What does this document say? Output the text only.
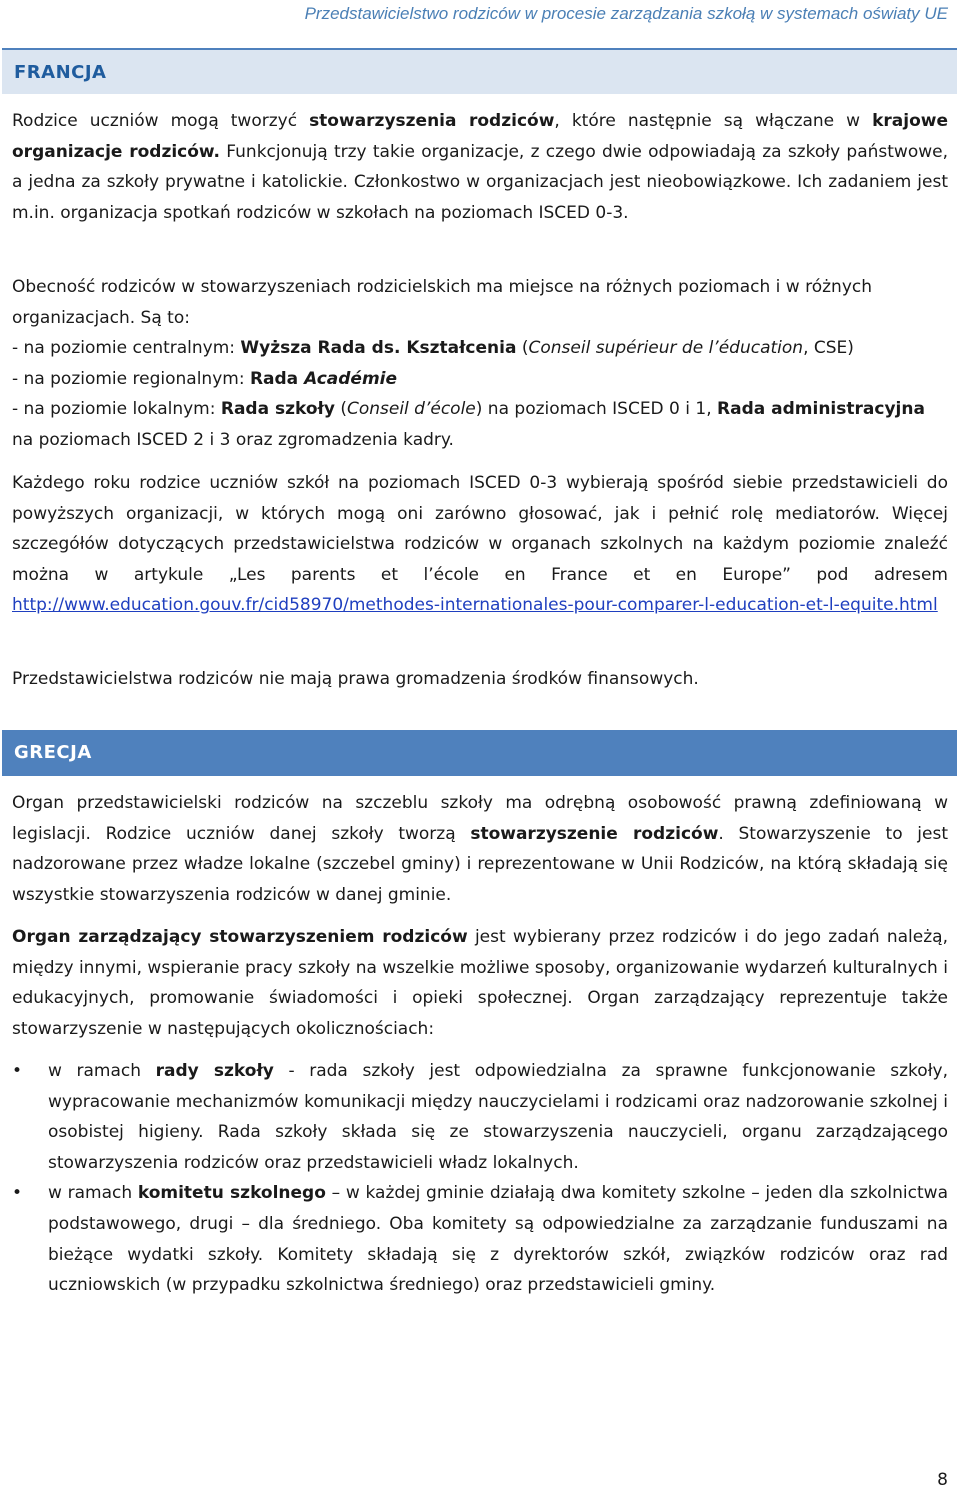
Przedstawicielstwo rodziców w procesie zarządzania szkołą w systemach oświaty UE
FRANCJA

Rodzice uczniów mogą tworzyć stowarzyszenia rodziców, które następnie są włączane w krajowe organizacje rodziców. Funkcjonują trzy takie organizacje, z czego dwie odpowiadają za szkoły państwowe, a jedna za szkoły prywatne i katolickie. Członkostwo w organizacjach jest nieobowiązkowe. Ich zadaniem jest m.in. organizacja spotkań rodziców w szkołach na poziomach ISCED 0-3.

Obecność rodziców w stowarzyszeniach rodzicielskich ma miejsce na różnych poziomach i w różnych organizacjach. Są to:
- na poziomie centralnym: Wyższa Rada ds. Kształcenia (Conseil supérieur de l’éducation, CSE)
- na poziomie regionalnym: Rada Académie
- na poziomie lokalnym: Rada szkoły (Conseil d’école) na poziomach ISCED 0 i 1, Rada administracyjna na poziomach ISCED 2 i 3 oraz zgromadzenia kadry.

Każdego roku rodzice uczniów szkół na poziomach ISCED 0-3 wybierają spośród siebie przedstawicieli do powyższych organizacji, w których mogą oni zarówno głosować, jak i pełnić rolę mediatorów. Więcej szczegółów dotyczących przedstawicielstwa rodziców w organach szkolnych na każdym poziomie znaleźć można w artykule „Les parents et l’école en France et en Europe” pod adresem http://www.education.gouv.fr/cid58970/methodes-internationales-pour-comparer-l-education-et-l-equite.html

Przedstawicielstwa rodziców nie mają prawa gromadzenia środków finansowych.

GRECJA

Organ przedstawicielski rodziców na szczeblu szkoły ma odrębną osobowość prawną zdefiniowaną w legislacji. Rodzice uczniów danej szkoły tworzą stowarzyszenie rodziców. Stowarzyszenie to jest nadzorowane przez władze lokalne (szczebel gminy) i reprezentowane w Unii Rodziców, na którą składają się wszystkie stowarzyszenia rodziców w danej gminie.

Organ zarządzający stowarzyszeniem rodziców jest wybierany przez rodziców i do jego zadań należą, między innymi, wspieranie pracy szkoły na wszelkie możliwe sposoby, organizowanie wydarzeń kulturalnych i edukacyjnych, promowanie świadomości i opieki społecznej. Organ zarządzający reprezentuje także stowarzyszenie w następujących okolicznościach:

• w ramach rady szkoły - rada szkoły jest odpowiedzialna za sprawne funkcjonowanie szkoły, wypracowanie mechanizmów komunikacji między nauczycielami i rodzicami oraz nadzorowanie szkolnej i osobistej higieny. Rada szkoły składa się ze stowarzyszenia nauczycieli, organu zarządzającego stowarzyszenia rodziców oraz przedstawicieli władz lokalnych.
• w ramach komitetu szkolnego – w każdej gminie działają dwa komitety szkolne – jeden dla szkolnictwa podstawowego, drugi – dla średniego. Oba komitety są odpowiedzialne za zarządzanie funduszami na bieżące wydatki szkoły. Komitety składają się z dyrektorów szkół, związków rodziców oraz rad uczniowskich (w przypadku szkolnictwa średniego) oraz przedstawicieli gminy.
8
